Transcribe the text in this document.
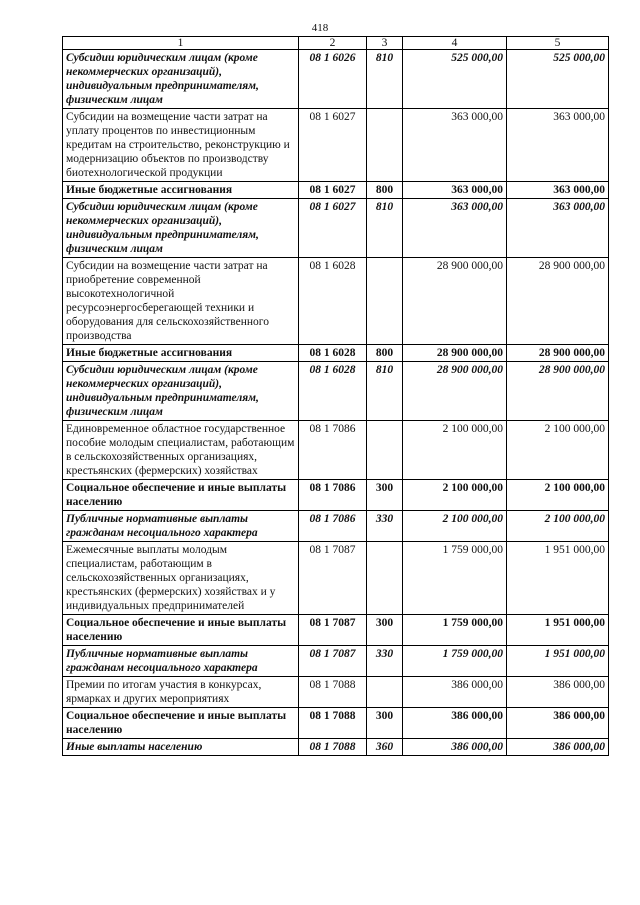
418
1	2	3	4	5
Субсидии юридическим лицам (кроме некоммерческих организаций), индивидуальным предпринимателям, физическим лицам	08 1 6026	810	525 000,00	525 000,00
Субсидии на возмещение части затрат на уплату процентов по инвестиционным кредитам на строительство, реконструкцию и модернизацию объектов по производству биотехнологической продукции	08 1 6027		363 000,00	363 000,00
Иные бюджетные ассигнования	08 1 6027	800	363 000,00	363 000,00
Субсидии юридическим лицам (кроме некоммерческих организаций), индивидуальным предпринимателям, физическим лицам	08 1 6027	810	363 000,00	363 000,00
Субсидии на возмещение части затрат на приобретение современной высокотехнологичной ресурсоэнергосберегающей техники и оборудования для сельскохозяйственного производства	08 1 6028		28 900 000,00	28 900 000,00
Иные бюджетные ассигнования	08 1 6028	800	28 900 000,00	28 900 000,00
Субсидии юридическим лицам (кроме некоммерческих организаций), индивидуальным предпринимателям, физическим лицам	08 1 6028	810	28 900 000,00	28 900 000,00
Единовременное областное государственное пособие молодым специалистам, работающим в сельскохозяйственных организациях, крестьянских (фермерских) хозяйствах	08 1 7086		2 100 000,00	2 100 000,00
Социальное обеспечение и иные выплаты населению	08 1 7086	300	2 100 000,00	2 100 000,00
Публичные нормативные выплаты гражданам несоциального характера	08 1 7086	330	2 100 000,00	2 100 000,00
Ежемесячные выплаты молодым специалистам, работающим в сельскохозяйственных организациях, крестьянских (фермерских) хозяйствах и у индивидуальных предпринимателей	08 1 7087		1 759 000,00	1 951 000,00
Социальное обеспечение и иные выплаты населению	08 1 7087	300	1 759 000,00	1 951 000,00
Публичные нормативные выплаты гражданам несоциального характера	08 1 7087	330	1 759 000,00	1 951 000,00
Премии по итогам участия в конкурсах, ярмарках и других мероприятиях	08 1 7088		386 000,00	386 000,00
Социальное обеспечение и иные выплаты населению	08 1 7088	300	386 000,00	386 000,00
Иные выплаты населению	08 1 7088	360	386 000,00	386 000,00
